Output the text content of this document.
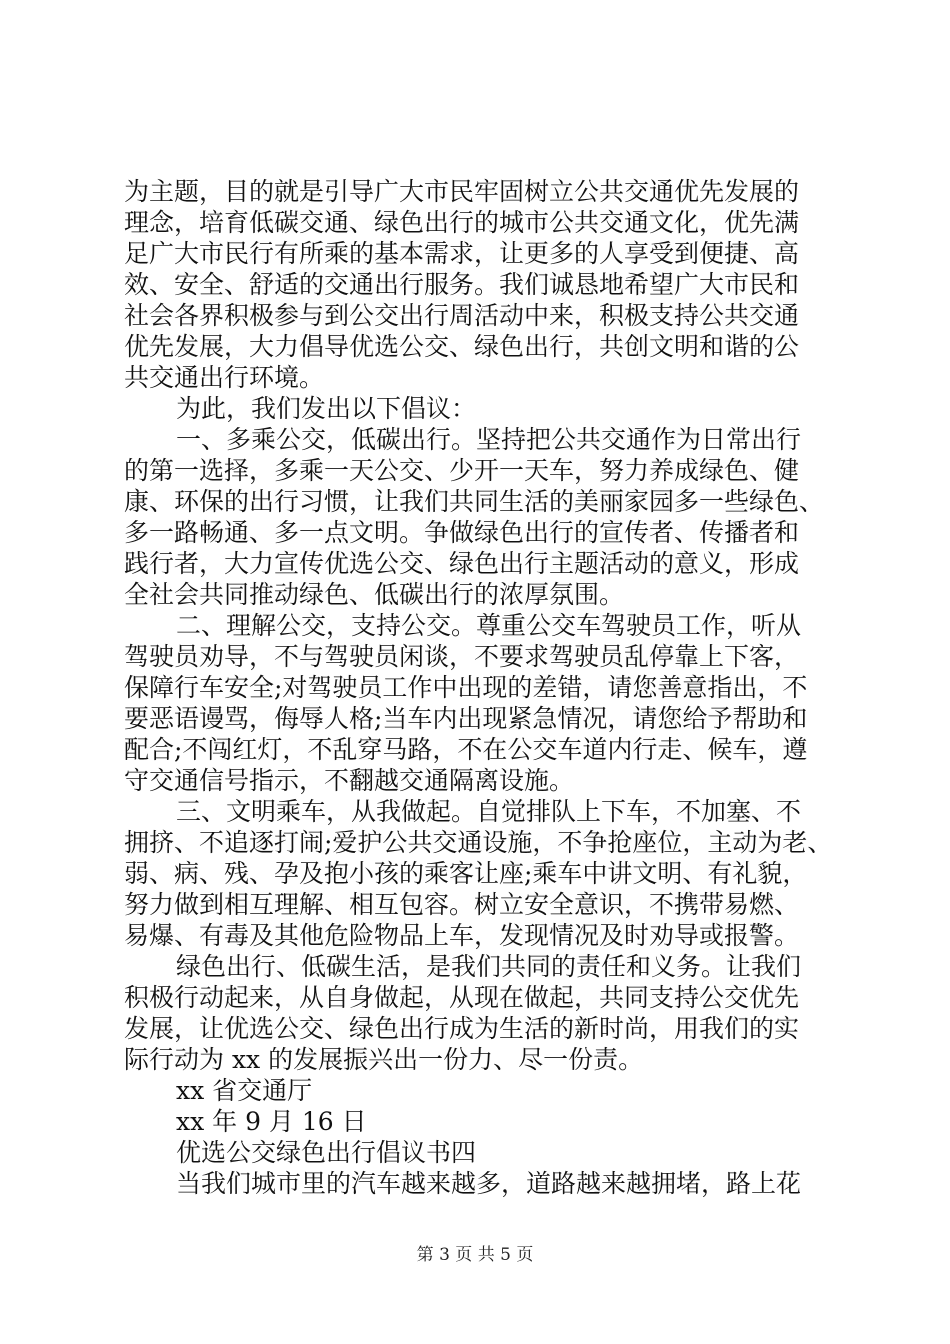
为主题，目的就是引导广大市民牢固树立公共交通优先发展的
理念，培育低碳交通、绿色出行的城市公共交通文化，优先满
足广大市民行有所乘的基本需求，让更多的人享受到便捷、高
效、安全、舒适的交通出行服务。我们诚恳地希望广大市民和
社会各界积极参与到公交出行周活动中来，积极支持公共交通
优先发展，大力倡导优选公交、绿色出行，共创文明和谐的公
共交通出行环境。
为此，我们发出以下倡议：
一、多乘公交，低碳出行。坚持把公共交通作为日常出行
的第一选择，多乘一天公交、少开一天车，努力养成绿色、健
康、环保的出行习惯，让我们共同生活的美丽家园多一些绿色、
多一路畅通、多一点文明。争做绿色出行的宣传者、传播者和
践行者，大力宣传优选公交、绿色出行主题活动的意义，形成
全社会共同推动绿色、低碳出行的浓厚氛围。
二、理解公交，支持公交。尊重公交车驾驶员工作，听从
驾驶员劝导，不与驾驶员闲谈，不要求驾驶员乱停靠上下客，
保障行车安全;对驾驶员工作中出现的差错，请您善意指出，不
要恶语谩骂，侮辱人格;当车内出现紧急情况，请您给予帮助和
配合;不闯红灯，不乱穿马路，不在公交车道内行走、候车，遵
守交通信号指示，不翻越交通隔离设施。
三、文明乘车，从我做起。自觉排队上下车，不加塞、不
拥挤、不追逐打闹;爱护公共交通设施，不争抢座位，主动为老、
弱、病、残、孕及抱小孩的乘客让座;乘车中讲文明、有礼貌，
努力做到相互理解、相互包容。树立安全意识，不携带易燃、
易爆、有毒及其他危险物品上车，发现情况及时劝导或报警。
绿色出行、低碳生活，是我们共同的责任和义务。让我们
积极行动起来，从自身做起，从现在做起，共同支持公交优先
发展，让优选公交、绿色出行成为生活的新时尚，用我们的实
际行动为 xx 的发展振兴出一份力、尽一份责。
xx 省交通厅
xx 年 9 月 16 日
优选公交绿色出行倡议书四
当我们城市里的汽车越来越多，道路越来越拥堵，路上花
第 3 页 共 5 页
